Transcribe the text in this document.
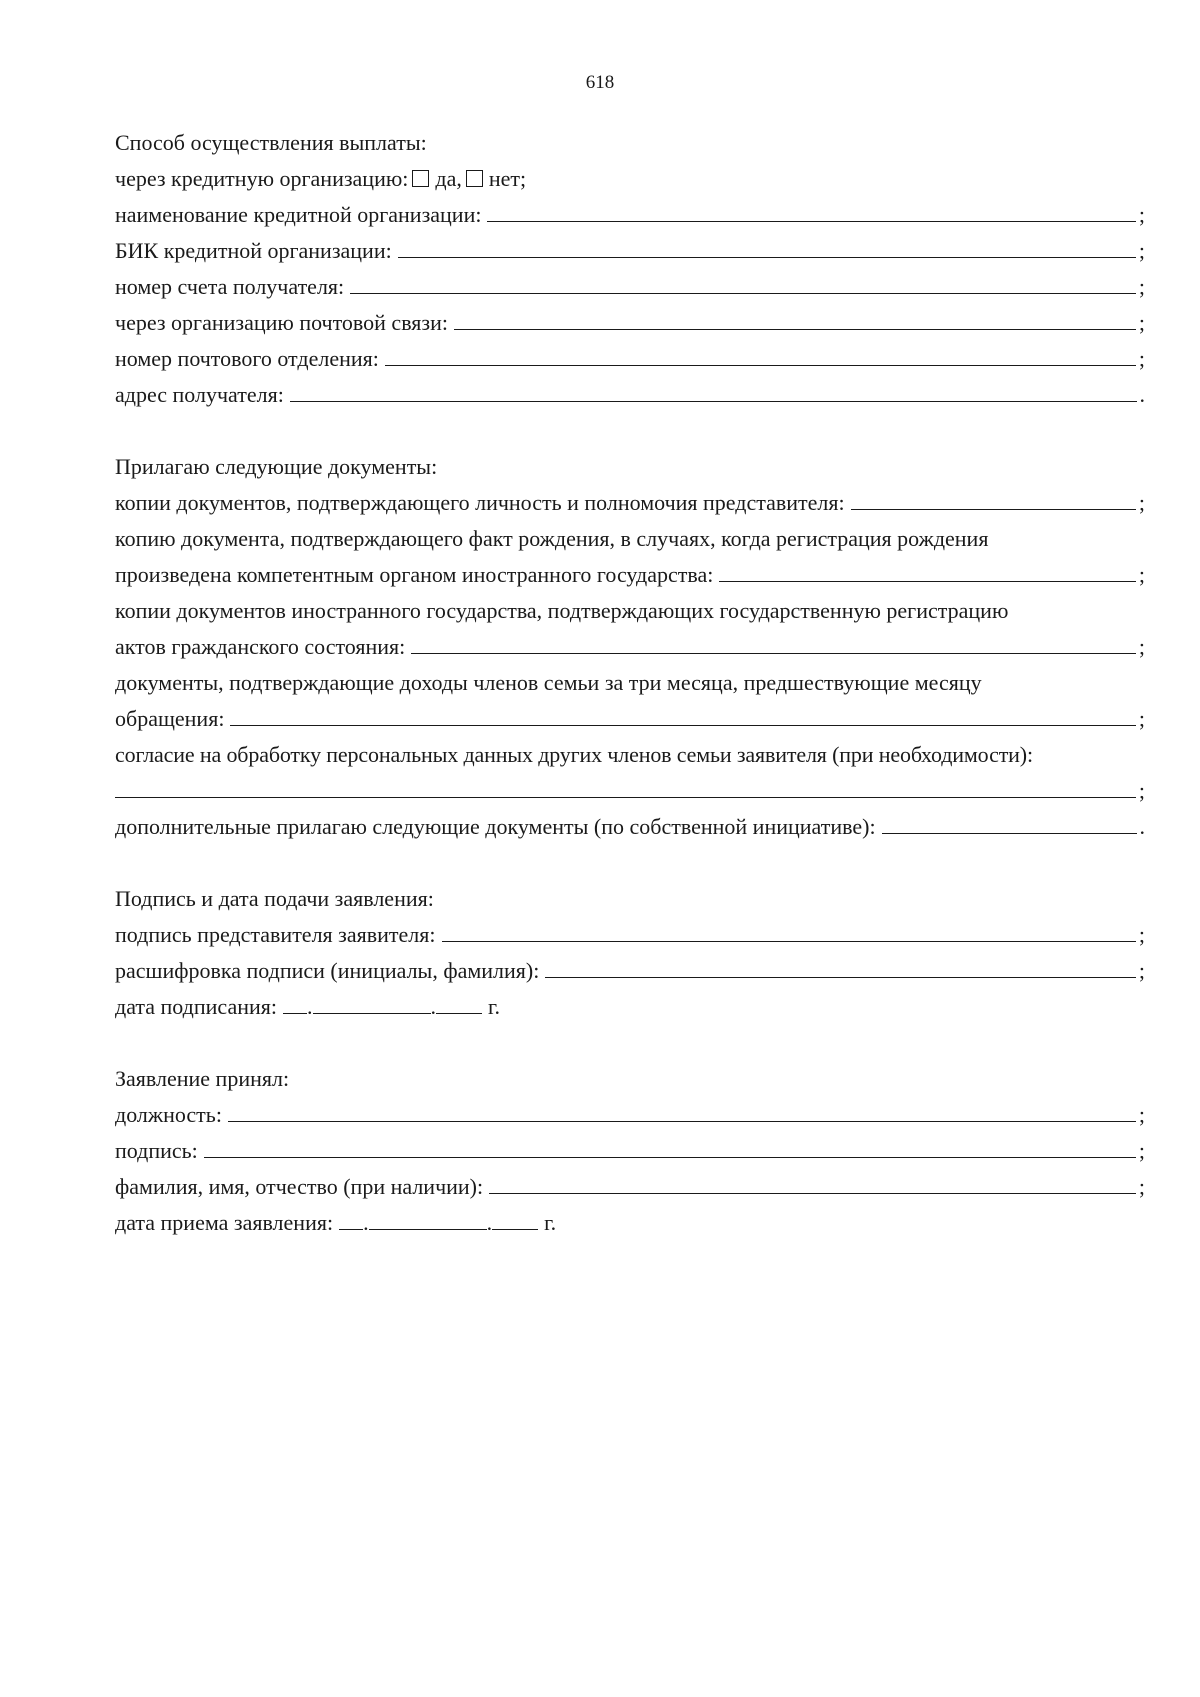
618
Способ осуществления выплаты:
через кредитную организацию: да, нет;
наименование кредитной организации:	;
БИК кредитной организации:	;
номер счета получателя:	;
через организацию почтовой связи:	;
номер почтового отделения:	;
адрес получателя:	.
Прилагаю следующие документы:
копии документов, подтверждающего личность и полномочия представителя:	;
копию документа, подтверждающего факт рождения, в случаях, когда регистрация рождения
произведена компетентным органом иностранного государства:	;
копии документов иностранного государства, подтверждающих государственную регистрацию
актов гражданского состояния:	;
документы, подтверждающие доходы членов семьи за три месяца, предшествующие месяцу
обращения:	;
согласие на обработку персональных данных других членов семьи заявителя (при необходимости):
;
дополнительные прилагаю следующие документы (по собственной инициативе):	.
Подпись и дата подачи заявления:
подпись представителя заявителя:	;
расшифровка подписи (инициалы, фамилия):	;
дата подписания: .	. г.
Заявление принял:
должность:	;
подпись:	;
фамилия, имя, отчество (при наличии):	;
дата приема заявления: .	. г.
